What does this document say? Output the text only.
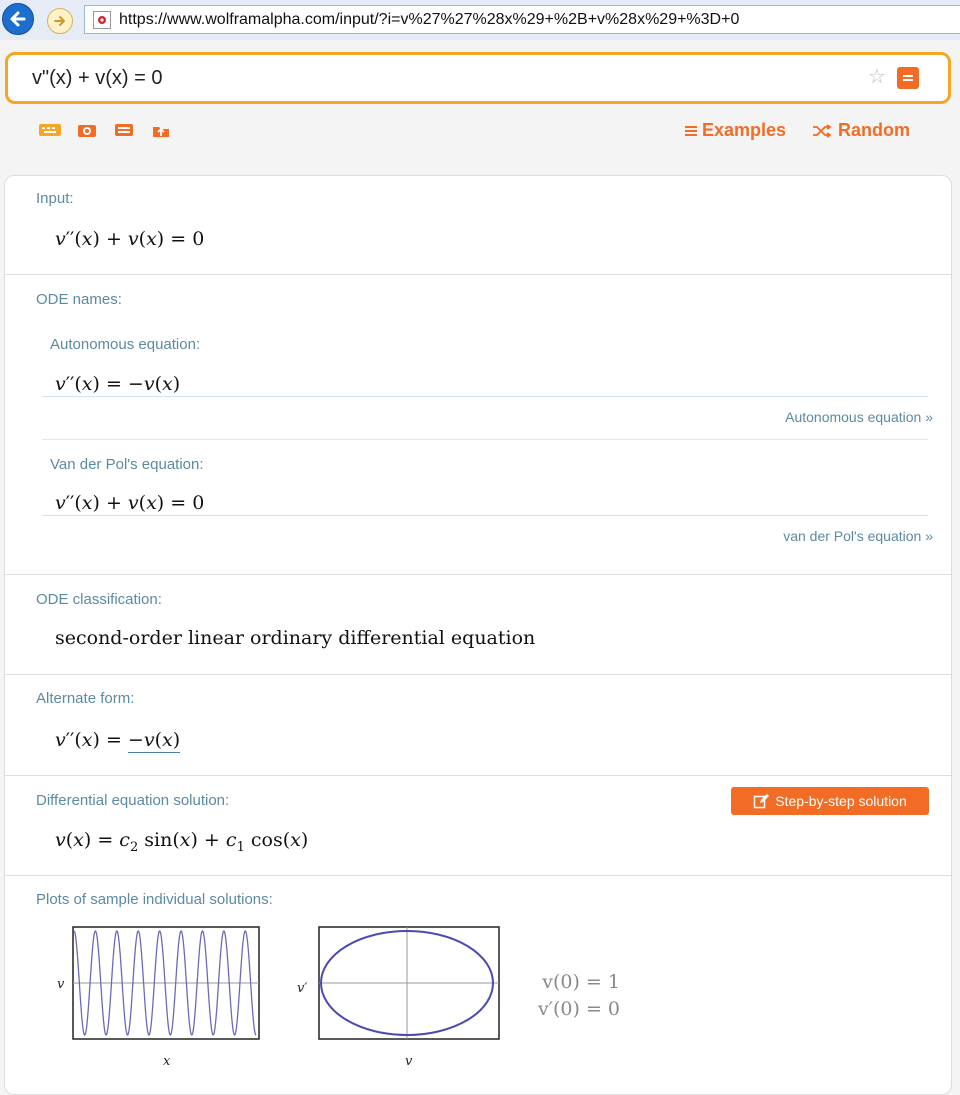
https://www.wolframalpha.com/input/?i=v%27%27%28x%29+%2B+v%28x%29+%3D+0
v"(x) + v(x) = 0
☆
Examples	Random
Input:
v′′(x) + v(x) = 0
ODE names:
Autonomous equation:
v′′(x) = −v(x)
Autonomous equation »
Van der Pol's equation:
v′′(x) + v(x) = 0
van der Pol's equation »
ODE classification:
second-order linear ordinary differential equation
Alternate form:
v′′(x) = −v(x)
Differential equation solution:	Step-by-step solution
$v(x) = c_2$ $\sin(x) + c_1$ cos(x)
Plots of sample individual solutions:
v
x
v′
v
v(0) = 1
v′(0) = 0
